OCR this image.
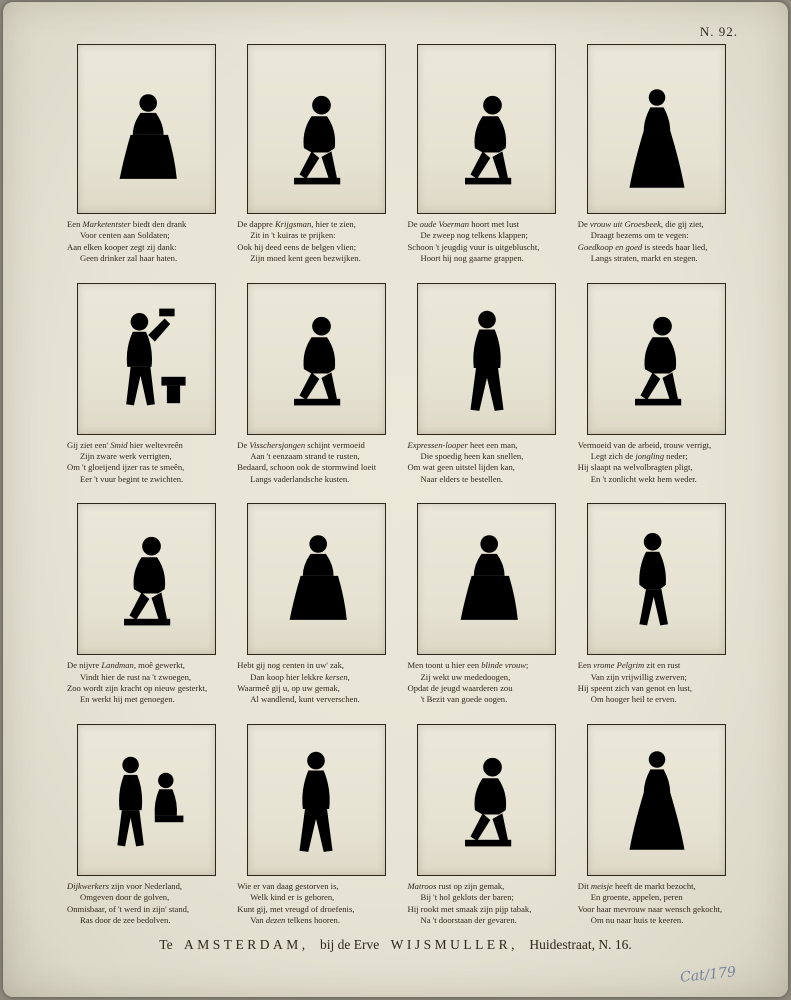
N. 92.
Een Marketentster biedt den drank
Voor centen aan Soldaten;
Aan elken kooper zegt zij dank:
Geen drinker zal haar haten.
De dappre Krijgsman, hier te zien,
Zit in 't kuiras te prijken:
Ook hij deed eens de belgen vlien;
Zijn moed kent geen bezwijken.
De oude Voerman hoort met lust
De zweep nog telkens klappen;
Schoon 't jeugdig vuur is uitgebluscht,
Hoort hij nog gaarne grappen.
De vrouw uit Groesbeek, die gij ziet,
Draagt bezems om te vegen:
Goedkoop en goed is steeds haar lied,
Langs straten, markt en stegen.
Gij ziet een' Smid hier weltevreên
Zijn zware werk verrigten,
Om 't gloeijend ijzer ras te smeên,
Eer 't vuur begint te zwichten.
De Visschersjongen schijnt vermoeid
Aan 't eenzaam strand te rusten,
Bedaard, schoon ook de stormwind loeit
Langs vaderlandsche kusten.
Expressen-looper heet een man,
Die spoedig heen kan snellen,
Om wat geen uitstel lijden kan,
Naar elders te bestellen.
Vermoeid van de arbeid, trouw verrigt,
Legt zich de jongling neder;
Hij slaapt na welvolbragten pligt,
En 't zonlicht wekt hem weder.
De nijvre Landman, moê gewerkt,
Vindt hier de rust na 't zwoegen,
Zoo wordt zijn kracht op nieuw gesterkt,
En werkt hij met genoegen.
Hebt gij nog centen in uw' zak,
Dan koop hier lekkre kersen,
Waarmeê gij u, op uw gemak,
Al wandlend, kunt ververschen.
Men toont u hier een blinde vrouw;
Zij wekt uw mededoogen,
Opdat de jeugd waarderen zou
't Bezit van goede oogen.
Een vrome Pelgrim zit en rust
Van zijn vrijwillig zwerven;
Hij speent zich van genot en lust,
Om hooger heil te erven.
Dijkwerkers zijn voor Nederland,
Omgeven door de golven,
Onmisbaar, of 't werd in zijn' stand,
Ras door de zee bedolven.
Wie er van daag gestorven is,
Welk kind er is geboren,
Kunt gij, met vreugd of droefenis,
Van dezen telkens hooren.
Matroos rust op zijn gemak,
Bij 't hol geklots der baren;
Hij rookt met smaak zijn pijp tabak,
Na 't doorstaan der gevaren.
Dit meisje heeft de markt bezocht,
En groente, appelen, peren
Voor haar mevrouw naar wensch gekocht,
Om nu naar huis te keeren.
Te AMSTERDAM, bij de Erve WIJSMULLER, Huidestraat, N. 16.
Cat/179
